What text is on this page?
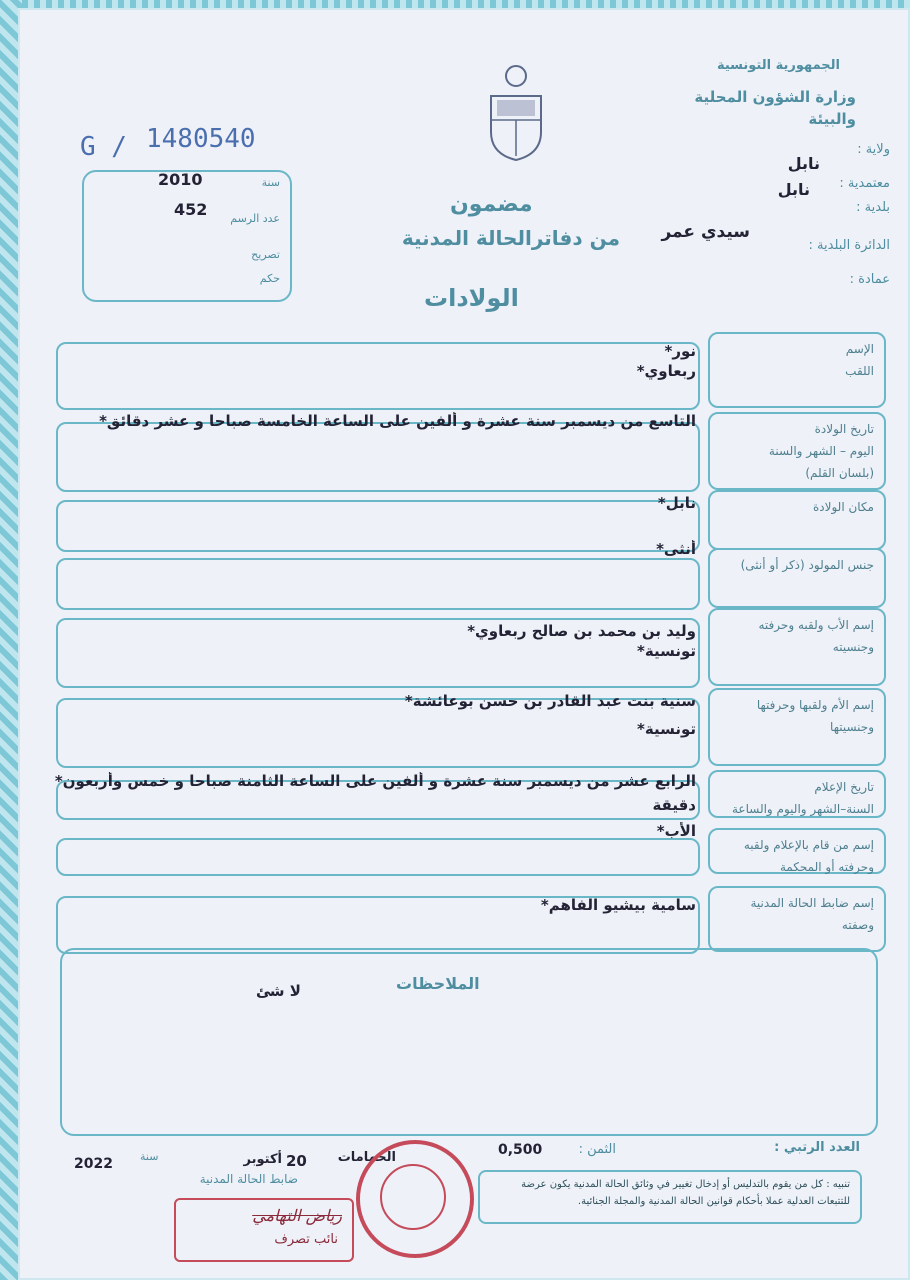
G / 1480540
2010
452
سنة
عدد الرسم
تصريح
حكم
الجمهورية التونسية
وزارة الشؤون المحلية والبيئة
ولاية :
نابل
معتمدية :
نابل
بلدية :
الدائرة البلدية :
سيدي عمر
عمادة :
مضمون
من دفاترالحالة المدنية
الولادات
الإسم
اللقب
نور*
ربعاوي*
تاريخ الولادة
اليوم – الشهر والسنة
(بلسان القلم)
التاسع من ديسمبر سنة عشرة و ألفين على الساعة الخامسة صباحا و عشر دقائق*
مكان الولادة
نابل*
جنس المولود (ذكر أو أنثى)
أنثى*
إسم الأب ولقبه وحرفته
وجنسيته
وليد بن محمد بن صالح ربعاوي*
تونسية*
إسم الأم ولقبها وحرفتها
وجنسيتها
سنية بنت عبد القادر بن حسن بوعائشة*
تونسية*
تاريخ الإعلام
السنة–الشهر واليوم والساعة
الرابع عشر من ديسمبر سنة عشرة و ألفين على الساعة الثامنة صباحا و خمس وأربعون*
دقيقة
إسم من قام بالإعلام ولقبه
وحرفته أو المحكمة
الأب*
إسم ضابط الحالة المدنية
وصفته
سامية بيشيو الفاهم*
الملاحظات
لا شئ
العدد الرتبي :
الثمن :
0,500
الحمامات
أكتوبر 20
سنة
2022
ضابط الحالة المدنية
رياض التهامي
نائب تصرف
تنبيه : كل من يقوم بالتدليس أو إدخال تغيير في وثائق الحالة المدنية يكون عرضة للتتبعات العدلية عملا بأحكام قوانين الحالة المدنية والمجلة الجنائية.
